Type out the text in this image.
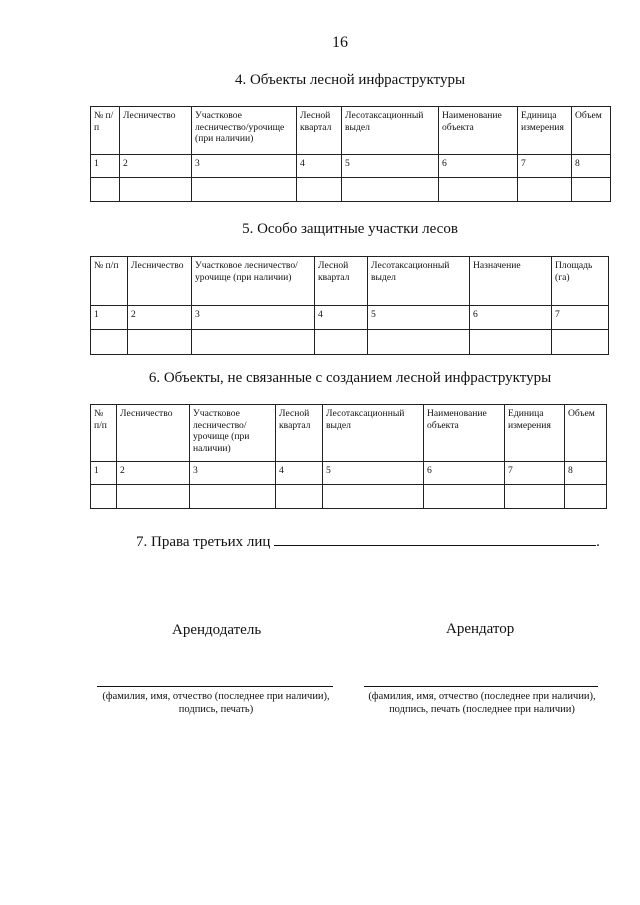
16
4. Объекты лесной инфраструктуры
№ п/п	Лесничество	Участковое лесничество/урочище (при наличии)	Лесной квартал	Лесотаксационный выдел	Наименование объекта	Единица измерения	Объем
1	2	3	4	5	6	7	8

5. Особо защитные участки лесов
№ п/п	Лесничество	Участковое лесничество/урочище (при наличии)	Лесной квартал	Лесотаксационный выдел	Назначение	Площадь (га)
1	2	3	4	5	6	7

6. Объекты, не связанные с созданием лесной инфраструктуры
№ п/п	Лесничество	Участковое лесничество/ урочище (при наличии)	Лесной квартал	Лесотаксационный выдел	Наименование объекта	Единица измерения	Объем
1	2	3	4	5	6	7	8

7. Права третьих лиц	.
Арендодатель	Арендатор
(фамилия, имя, отчество (последнее при наличии),
подпись, печать)
(фамилия, имя, отчество (последнее при наличии),
подпись, печать (последнее при наличии)
